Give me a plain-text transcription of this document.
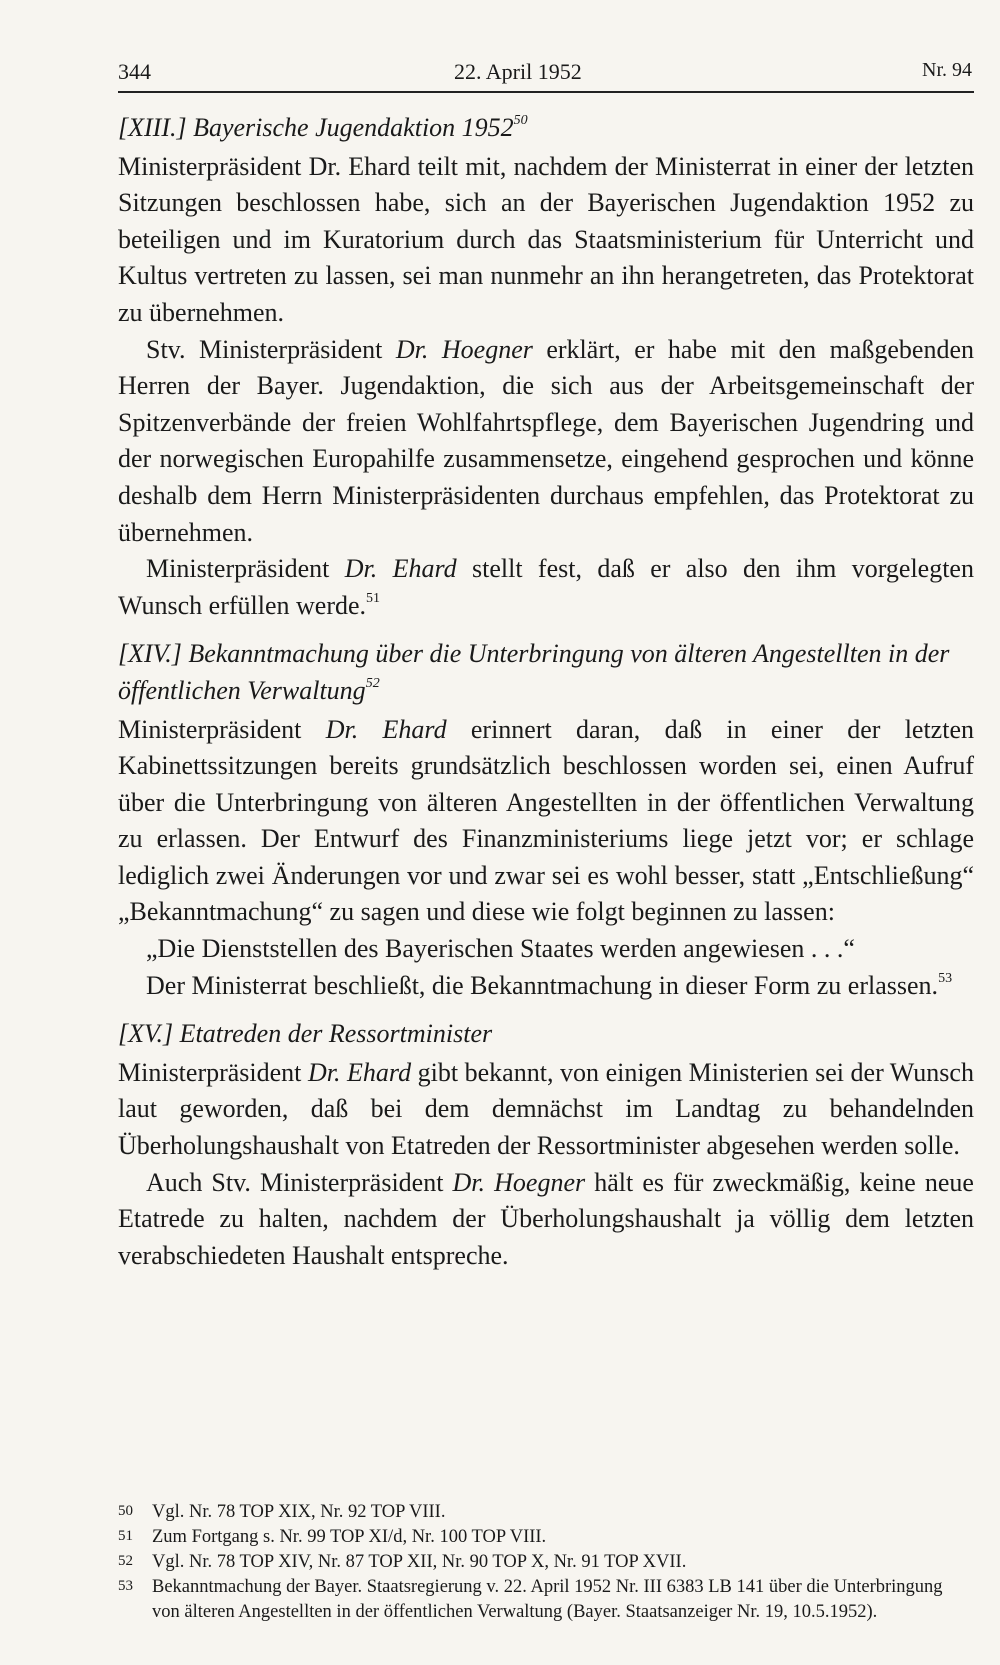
344	22. April 1952	Nr. 94

[XIII.] Bayerische Jugendaktion 1952$^{50}$

Ministerpräsident Dr. Ehard teilt mit, nachdem der Ministerrat in einer der letzten Sitzungen beschlossen habe, sich an der Bayerischen Jugendaktion 1952 zu beteiligen und im Kuratorium durch das Staatsministerium für Unterricht und Kultus vertreten zu lassen, sei man nunmehr an ihn herangetreten, das Protektorat zu übernehmen.

Stv. Ministerpräsident Dr. Hoegner erklärt, er habe mit den maßgebenden Herren der Bayer. Jugendaktion, die sich aus der Arbeitsgemeinschaft der Spitzenverbände der freien Wohlfahrtspflege, dem Bayerischen Jugendring und der norwegischen Europahilfe zusammensetze, eingehend gesprochen und könne deshalb dem Herrn Ministerpräsidenten durchaus empfehlen, das Protektorat zu übernehmen.

Ministerpräsident Dr. Ehard stellt fest, daß er also den ihm vorgelegten Wunsch erfüllen werde.$^{51}$

[XIV.] Bekanntmachung über die Unterbringung von älteren Angestellten in der öffentlichen Verwaltung$^{52}$

Ministerpräsident Dr. Ehard erinnert daran, daß in einer der letzten Kabinettssitzungen bereits grundsätzlich beschlossen worden sei, einen Aufruf über die Unterbringung von älteren Angestellten in der öffentlichen Verwaltung zu erlassen. Der Entwurf des Finanzministeriums liege jetzt vor; er schlage lediglich zwei Änderungen vor und zwar sei es wohl besser, statt „Entschließung“ „Bekanntmachung“ zu sagen und diese wie folgt beginnen zu lassen:

„Die Dienststellen des Bayerischen Staates werden angewiesen . . .“

Der Ministerrat beschließt, die Bekanntmachung in dieser Form zu erlassen.$^{53}$

[XV.] Etatreden der Ressortminister

Ministerpräsident Dr. Ehard gibt bekannt, von einigen Ministerien sei der Wunsch laut geworden, daß bei dem demnächst im Landtag zu behandelnden Überholungshaushalt von Etatreden der Ressortminister abgesehen werden solle.

Auch Stv. Ministerpräsident Dr. Hoegner hält es für zweckmäßig, keine neue Etatrede zu halten, nachdem der Überholungshaushalt ja völlig dem letzten verabschiedeten Haushalt entspreche.

50 Vgl. Nr. 78 TOP XIX, Nr. 92 TOP VIII.
51 Zum Fortgang s. Nr. 99 TOP XI/d, Nr. 100 TOP VIII.
52 Vgl. Nr. 78 TOP XIV, Nr. 87 TOP XII, Nr. 90 TOP X, Nr. 91 TOP XVII.
53 Bekanntmachung der Bayer. Staatsregierung v. 22. April 1952 Nr. III 6383 LB 141 über die Unterbringung von älteren Angestellten in der öffentlichen Verwaltung (Bayer. Staatsanzeiger Nr. 19, 10.5.1952).
